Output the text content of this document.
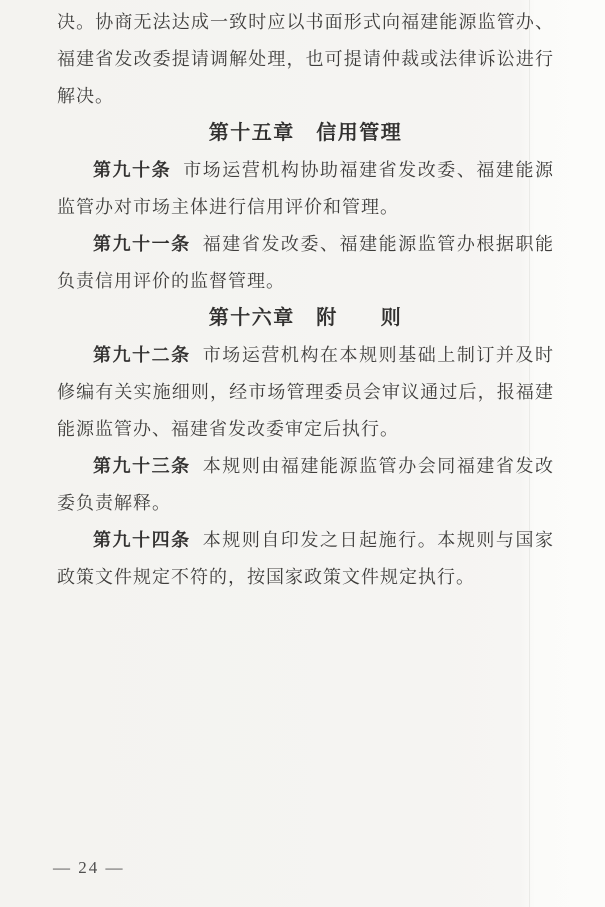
决。协商无法达成一致时应以书面形式向福建能源监管办、福建省发改委提请调解处理，也可提请仲裁或法律诉讼进行解决。

第十五章　信用管理

第九十条 市场运营机构协助福建省发改委、福建能源监管办对市场主体进行信用评价和管理。

第九十一条 福建省发改委、福建能源监管办根据职能负责信用评价的监督管理。

第十六章　附　　则

第九十二条 市场运营机构在本规则基础上制订并及时修编有关实施细则，经市场管理委员会审议通过后，报福建能源监管办、福建省发改委审定后执行。

第九十三条 本规则由福建能源监管办会同福建省发改委负责解释。

第九十四条 本规则自印发之日起施行。本规则与国家政策文件规定不符的，按国家政策文件规定执行。

— 24 —
